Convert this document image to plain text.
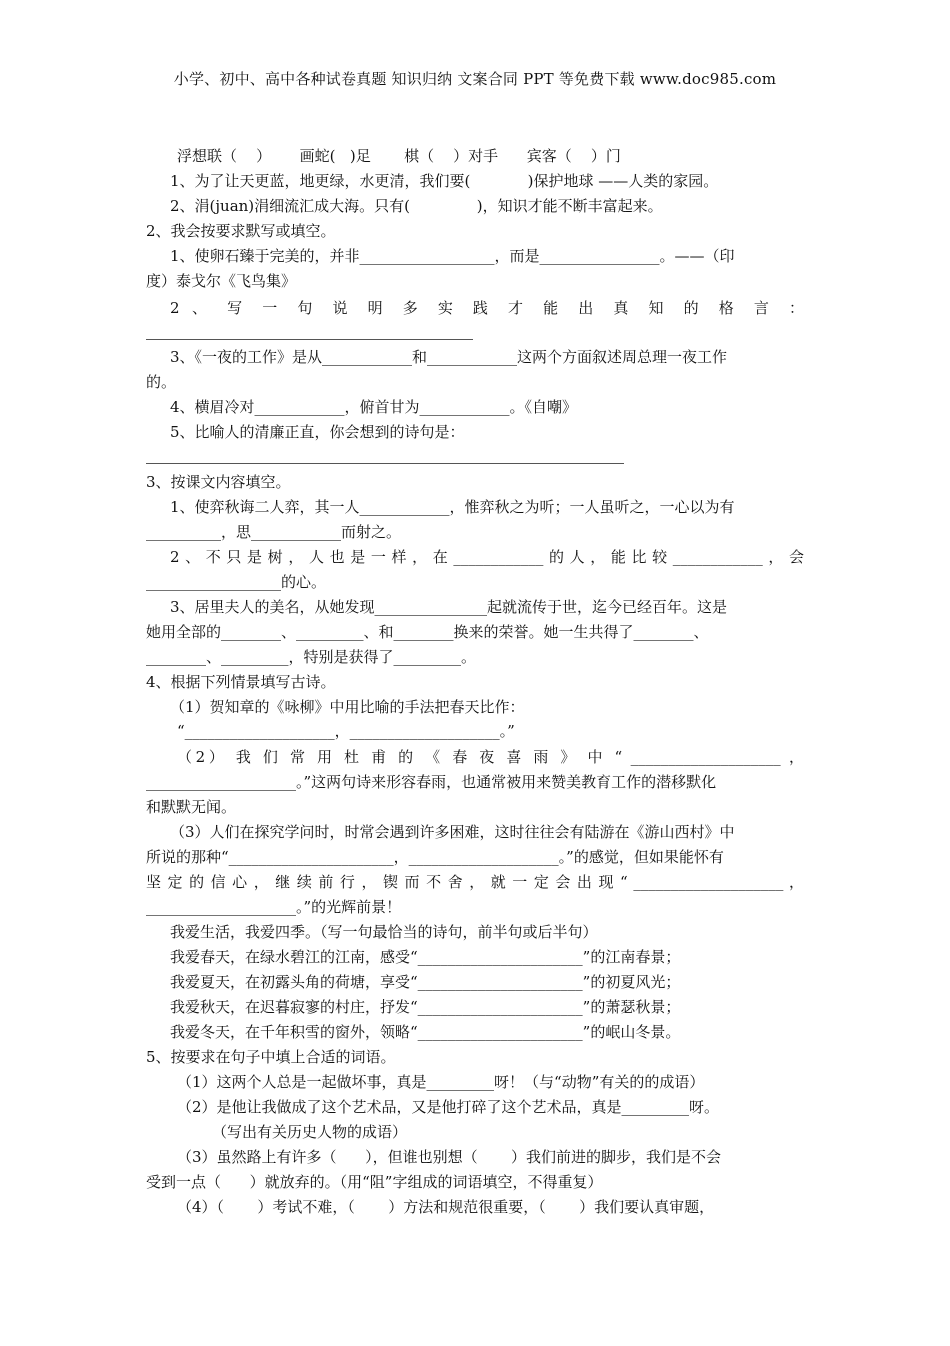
小学、初中、高中各种试卷真题 知识归纳 文案合同 PPT 等免费下载 www.doc985.com
浮想联（    ）      画蛇(   )足       棋（    ）对手      宾客（    ）门
1、为了让天更蓝，地更绿，水更清，我们要(            )保护地球 ——人类的家园。
2、涓(juan)涓细流汇成大海。只有(              )，知识才能不断丰富起来。
2、我会按要求默写或填空。
1、使卵石臻于完美的，并非__________________，而是________________。——（印
度）泰戈尔《飞鸟集》
2 、 写 一 句 说 明 多 实 践 才 能 出 真 知 的 格 言 ：
3、《一夜的工作》是从____________和____________这两个方面叙述周总理一夜工作
的。
4、横眉冷对____________，俯首甘为____________。《自嘲》
5、比喻人的清廉正直，你会想到的诗句是：
3、按课文内容填空。
1、使弈秋诲二人弈，其一人____________，惟弈秋之为听；一人虽听之，一心以为有
__________，思____________而射之。
2、不只是树，人也是一样，在____________的人，能比较____________，会
__________________的心。
3、居里夫人的美名，从她发现_______________起就流传于世，迄今已经百年。这是
她用全部的________、_________、和________换来的荣誉。她一生共得了________、
________、_________，特别是获得了_________。
4、根据下列情景填写古诗。
（1）贺知章的《咏柳》中用比喻的手法把春天比作：
“____________________，____________________。”
（2） 我 们 常 用 杜 甫 的 《 春 夜 喜 雨 》 中 “ ____________________ ，
____________________。”这两句诗来形容春雨，也通常被用来赞美教育工作的潜移默化
和默默无闻。
（3）人们在探究学问时，时常会遇到许多困难，这时往往会有陆游在《游山西村》中
所说的那种“______________________，____________________。”的感觉，但如果能怀有
坚 定 的 信 心 ， 继 续 前 行 ， 锲 而 不 舍 ， 就 一 定 会 出 现 “ ____________________ ，
____________________。”的光辉前景！
我爱生活，我爱四季。（写一句最恰当的诗句，前半句或后半句）
我爱春天，在绿水碧江的江南，感受“______________________”的江南春景；
我爱夏天，在初露头角的荷塘，享受“______________________”的初夏风光；
我爱秋天，在迟暮寂寥的村庄，抒发“______________________”的萧瑟秋景；
我爱冬天，在千年积雪的窗外，领略“______________________”的岷山冬景。
5、按要求在句子中填上合适的词语。
（1）这两个人总是一起做坏事，真是_________呀！（与“动物”有关的的成语）
（2）是他让我做成了这个艺术品，又是他打碎了这个艺术品，真是_________呀。
（写出有关历史人物的成语）
（3）虽然路上有许多（      ），但谁也别想（       ）我们前进的脚步，我们是不会
受到一点（      ）就放弃的。（用“阻”字组成的词语填空，不得重复）
（4）（       ）考试不难，（       ）方法和规范很重要，（       ）我们要认真审题，
